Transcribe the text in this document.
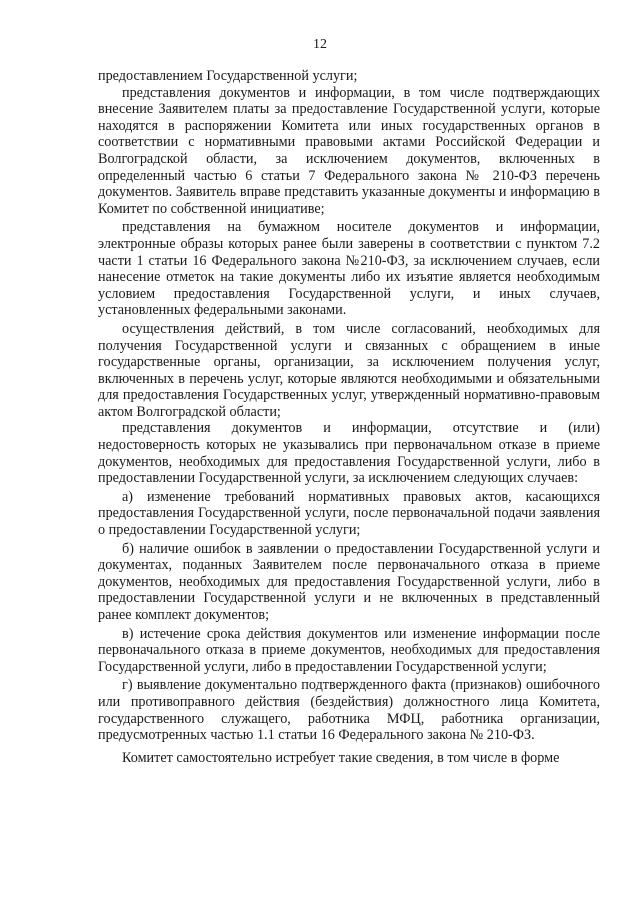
12

предоставлением Государственной услуги;

представления документов и информации, в том числе подтверждающих внесение Заявителем платы за предоставление Государственной услуги, которые находятся в распоряжении Комитета или иных государственных органов в соответствии с нормативными правовыми актами Российской Федерации и Волгоградской области, за исключением документов, включенных в определенный частью 6 статьи 7 Федерального закона № 210-ФЗ перечень документов. Заявитель вправе представить указанные документы и информацию в Комитет по собственной инициативе;

представления на бумажном носителе документов и информации, электронные образы которых ранее были заверены в соответствии с пунктом 7.2 части 1 статьи 16 Федерального закона №210-ФЗ, за исключением случаев, если нанесение отметок на такие документы либо их изъятие является необходимым условием предоставления Государственной услуги, и иных случаев, установленных федеральными законами.

осуществления действий, в том числе согласований, необходимых для получения Государственной услуги и связанных с обращением в иные государственные органы, организации, за исключением получения услуг, включенных в перечень услуг, которые являются необходимыми и обязательными для предоставления Государственных услуг, утвержденный нормативно-правовым актом Волгоградской области;

представления документов и информации, отсутствие и (или) недостоверность которых не указывались при первоначальном отказе в приеме документов, необходимых для предоставления Государственной услуги, либо в предоставлении Государственной услуги, за исключением следующих случаев:

а) изменение требований нормативных правовых актов, касающихся предоставления Государственной услуги, после первоначальной подачи заявления о предоставлении Государственной услуги;

б) наличие ошибок в заявлении о предоставлении Государственной услуги и документах, поданных Заявителем после первоначального отказа в приеме документов, необходимых для предоставления Государственной услуги, либо в предоставлении Государственной услуги и не включенных в представленный ранее комплект документов;

в) истечение срока действия документов или изменение информации после первоначального отказа в приеме документов, необходимых для предоставления Государственной услуги, либо в предоставлении Государственной услуги;

г) выявление документально подтвержденного факта (признаков) ошибочного или противоправного действия (бездействия) должностного лица Комитета, государственного служащего, работника МФЦ, работника организации, предусмотренных частью 1.1 статьи 16 Федерального закона № 210-ФЗ.

Комитет самостоятельно истребует такие сведения, в том числе в форме
